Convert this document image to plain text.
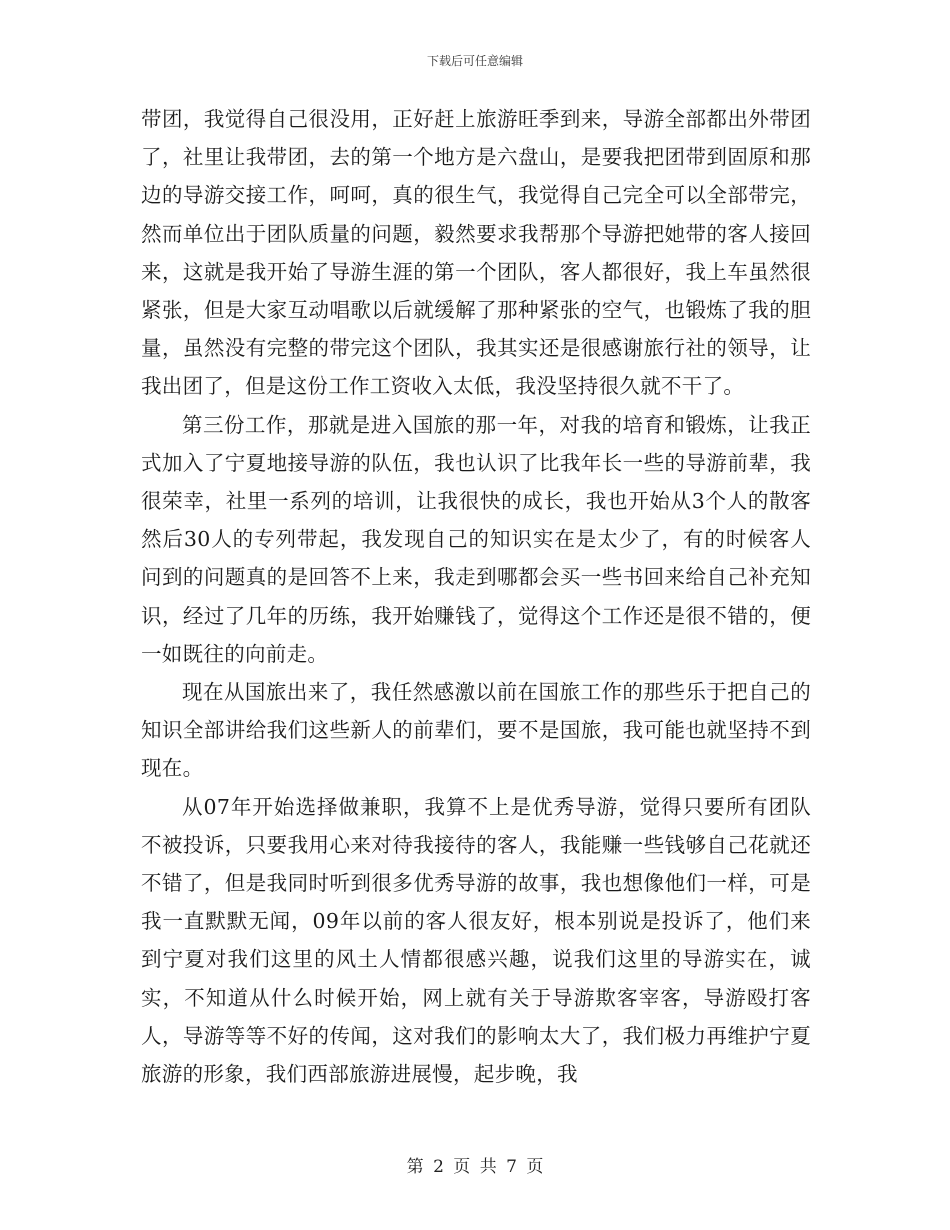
下载后可任意编辑

带团，我觉得自己很没用，正好赶上旅游旺季到来，导游全部都出外带团了，社里让我带团，去的第一个地方是六盘山，是要我把团带到固原和那边的导游交接工作，呵呵，真的很生气，我觉得自己完全可以全部带完，然而单位出于团队质量的问题，毅然要求我帮那个导游把她带的客人接回来，这就是我开始了导游生涯的第一个团队，客人都很好，我上车虽然很紧张，但是大家互动唱歌以后就缓解了那种紧张的空气，也锻炼了我的胆量，虽然没有完整的带完这个团队，我其实还是很感谢旅行社的领导，让我出团了，但是这份工作工资收入太低，我没坚持很久就不干了。

第三份工作，那就是进入国旅的那一年，对我的培育和锻炼，让我正式加入了宁夏地接导游的队伍，我也认识了比我年长一些的导游前辈，我很荣幸，社里一系列的培训，让我很快的成长，我也开始从3个人的散客然后30人的专列带起，我发现自己的知识实在是太少了，有的时候客人问到的问题真的是回答不上来，我走到哪都会买一些书回来给自己补充知识，经过了几年的历练，我开始赚钱了，觉得这个工作还是很不错的，便一如既往的向前走。

现在从国旅出来了，我任然感激以前在国旅工作的那些乐于把自己的知识全部讲给我们这些新人的前辈们，要不是国旅，我可能也就坚持不到现在。

从07年开始选择做兼职，我算不上是优秀导游，觉得只要所有团队不被投诉，只要我用心来对待我接待的客人，我能赚一些钱够自己花就还不错了，但是我同时听到很多优秀导游的故事，我也想像他们一样，可是我一直默默无闻，09年以前的客人很友好，根本别说是投诉了，他们来到宁夏对我们这里的风土人情都很感兴趣，说我们这里的导游实在，诚实，不知道从什么时候开始，网上就有关于导游欺客宰客，导游殴打客人，导游等等不好的传闻，这对我们的影响太大了，我们极力再维护宁夏旅游的形象，我们西部旅游进展慢，起步晚，我

第 2 页 共 7 页
